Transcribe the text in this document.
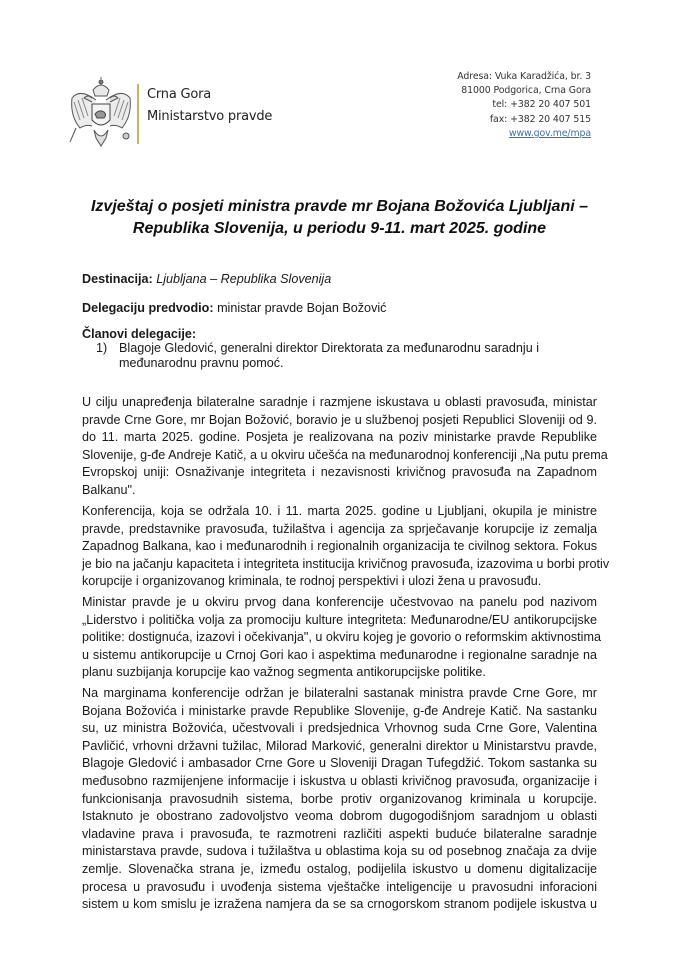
Crna Gora
Ministarstvo pravde
Adresa: Vuka Karadžića, br. 3
81000 Podgorica, Crna Gora
tel: +382 20 407 501
fax: +382 20 407 515
www.gov.me/mpa
Izvještaj o posjeti ministra pravde mr Bojana Božovića Ljubljani –
Republika Slovenija, u periodu 9-11. mart 2025. godine
Destinacija: Ljubljana – Republika Slovenija
Delegaciju predvodio: ministar pravde Bojan Božović
Članovi delegacije:
1) Blagoje Gledović, generalni direktor Direktorata za međunarodnu saradnju i
međunarodnu pravnu pomoć.
U cilju unapređenja bilateralne saradnje i razmjene iskustava u oblasti pravosuđa, ministar
pravde Crne Gore, mr Bojan Božović, boravio je u službenoj posjeti Republici Sloveniji od 9.
do 11. marta 2025. godine. Posjeta je realizovana na poziv ministarke pravde Republike
Slovenije, g-đe Andreje Katič, a u okviru učešća na međunarodnoj konferenciji „Na putu prema
Evropskoj uniji: Osnaživanje integriteta i nezavisnosti krivičnog pravosuđa na Zapadnom
Balkanu".
Konferencija, koja se održala 10. i 11. marta 2025. godine u Ljubljani, okupila je ministre
pravde, predstavnike pravosuđa, tužilaštva i agencija za sprječavanje korupcije iz zemalja
Zapadnog Balkana, kao i međunarodnih i regionalnih organizacija te civilnog sektora. Fokus
je bio na jačanju kapaciteta i integriteta institucija krivičnog pravosuđa, izazovima u borbi protiv
korupcije i organizovanog kriminala, te rodnoj perspektivi i ulozi žena u pravosuđu.
Ministar pravde je u okviru prvog dana konferencije učestvovao na panelu pod nazivom
„Liderstvo i politička volja za promociju kulture integriteta: Međunarodne/EU antikorupcijske
politike: dostignuća, izazovi i očekivanja", u okviru kojeg je govorio o reformskim aktivnostima
u sistemu antikorupcije u Crnoj Gori kao i aspektima međunarodne i regionalne saradnje na
planu suzbijanja korupcije kao važnog segmenta antikorupcijske politike.
Na marginama konferencije održan je bilateralni sastanak ministra pravde Crne Gore, mr
Bojana Božovića i ministarke pravde Republike Slovenije, g-đe Andreje Katič. Na sastanku
su, uz ministra Božovića, učestvovali i predsjednica Vrhovnog suda Crne Gore, Valentina
Pavličić, vrhovni državni tužilac, Milorad Marković, generalni direktor u Ministarstvu pravde,
Blagoje Gledović i ambasador Crne Gore u Sloveniji Dragan Tufegdžić. Tokom sastanka su
međusobno razmijenjene informacije i iskustva u oblasti krivičnog pravosuđa, organizacije i
funkcionisanja pravosudnih sistema, borbe protiv organizovanog kriminala u korupcije.
Istaknuto je obostrano zadovoljstvo veoma dobrom dugogodišnjom saradnjom u oblasti
vladavine prava i pravosuđa, te razmotreni različiti aspekti buduće bilateralne saradnje
ministarstava pravde, sudova i tužilaštva u oblastima koja su od posebnog značaja za dvije
zemlje. Slovenačka strana je, između ostalog, podijelila iskustvo u domenu digitalizacije
procesa u pravosuđu i uvođenja sistema vještačke inteligencije u pravosudni inforacioni
sistem u kom smislu je izražena namjera da se sa crnogorskom stranom podijele iskustva u
